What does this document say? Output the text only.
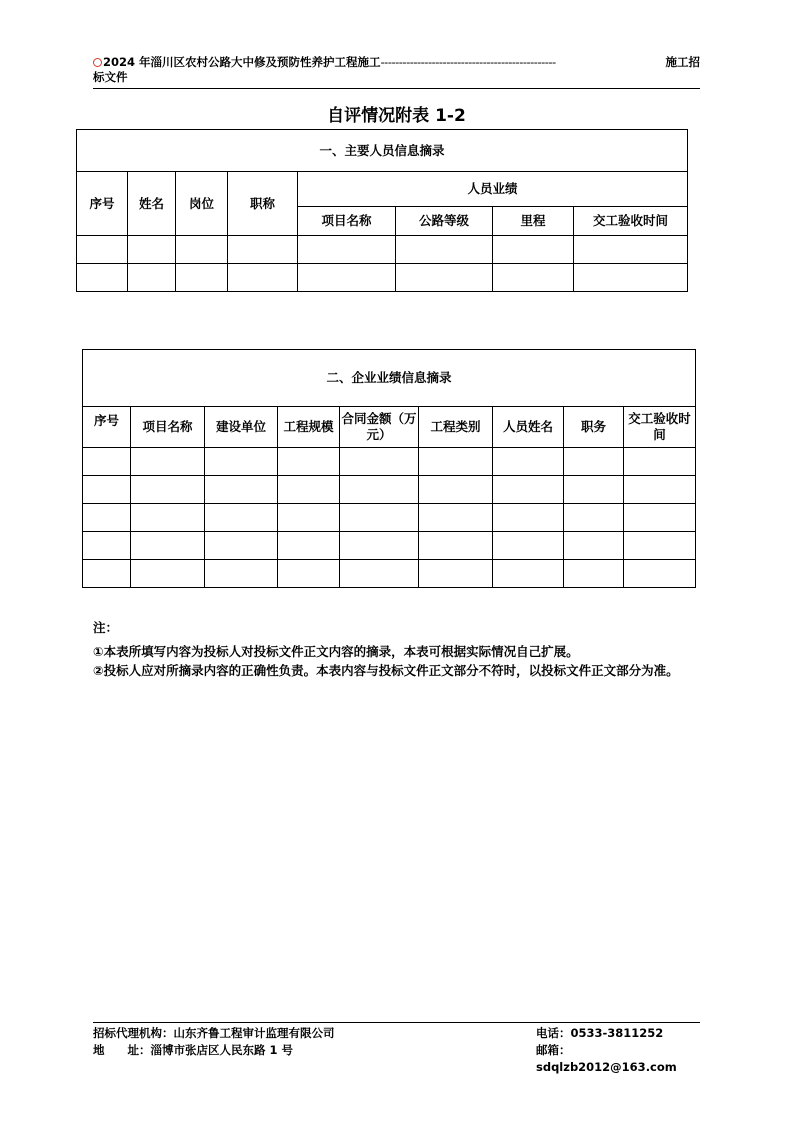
2024 年淄川区农村公路大中修及预防性养护工程施工------------------------------------------------	施工招
标文件
自评情况附表 1-2
一、主要人员信息摘录							
序号	姓名	岗位	职称	人员业绩			
				项目名称	公路等级	里程	交工验收时间

二、企业业绩信息摘录								
序号	项目名称	建设单位	工程规模	合同金额（万元）	工程类别	人员姓名	职务	交工验收时间

注：

①本表所填写内容为投标人对投标文件正文内容的摘录，本表可根据实际情况自己扩展。

②投标人应对所摘录内容的正确性负责。本表内容与投标文件正文部分不符时，以投标文件正文部分为准。

招标代理机构：山东齐鲁工程审计监理有限公司	电话：0533-3811252
地　　址：淄博市张店区人民东路 1 号	邮箱：sdqlzb2012@163.com
